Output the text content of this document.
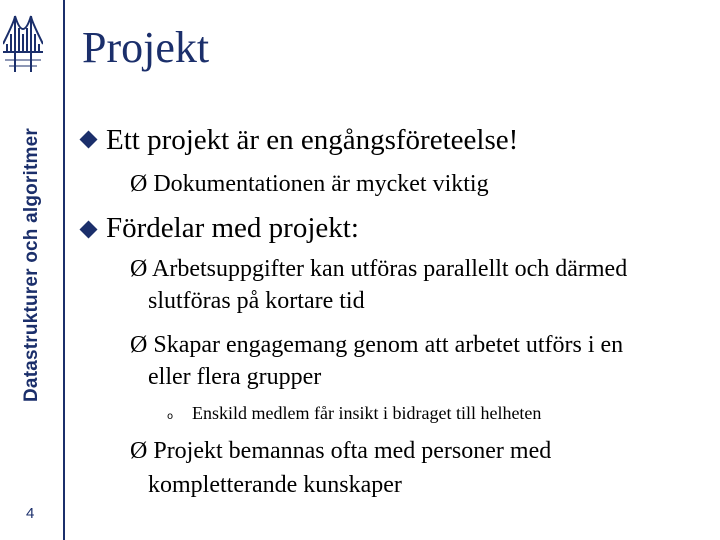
Datastrukturer och algoritmer
4
Projekt
Ett projekt är en engångsföreteelse!
Ø Dokumentationen är mycket viktig
Fördelar med projekt:
Ø Arbetsuppgifter kan utföras parallellt och därmed
slutföras på kortare tid
Ø Skapar engagemang genom att arbetet utförs i en
eller flera grupper
o Enskild medlem får insikt i bidraget till helheten
Ø Projekt bemannas ofta med personer med
kompletterande kunskaper
